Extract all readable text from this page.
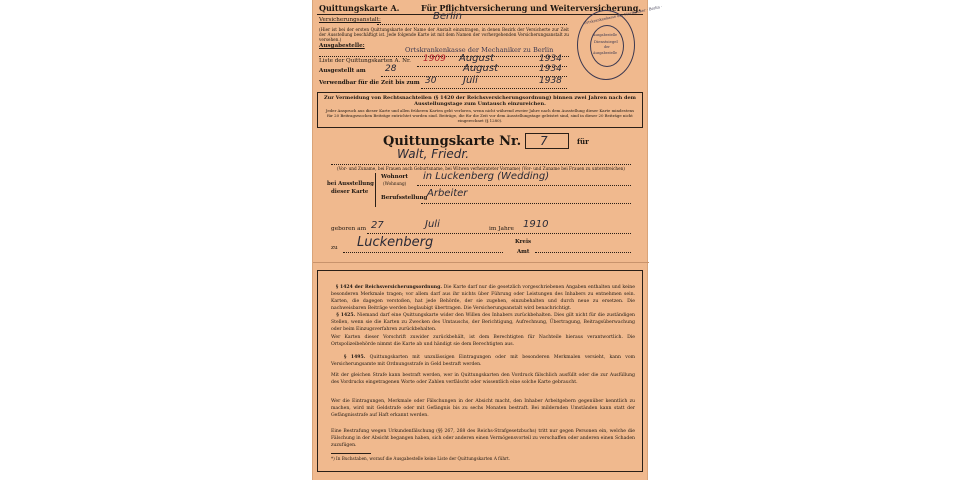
Quittungskarte A.	Für Pflichtversicherung und Weiterversicherung.
Versicherungsanstalt:	Berlin
(Hier ist bei der ersten Quittungskarte der Name der Anstalt einzutragen, in denen Bezirk der Versicherte zur Zeit der Ausstellung beschäftigt ist. Jede folgende Karte ist mit dem Namen der vorhergehenden Versicherungsanstalt zu versehen.)
Ausgabestelle:	Ortskrankenkasse der Mechaniker zu Berlin
Liste der Quittungskarten A. Nr. 1909 August	1934
Ausgestellt am 28	August	1934
Verwendbar für die Zeit bis zum 30	Juli	1938
Ortskrankenkasse der Mechaniker · Berlin ·
Ausgabestelle
Dienstsiegel
der
Ausgabestelle
Zur Vermeidung von Rechtsnachteilen (§ 1420 der Reichsversicherungsordnung) binnen zwei Jahren nach dem Ausstellungstage zum Umtausch einzureichen.
Jeder Anspruch aus dieser Karte und allen früheren Karten geht verloren, wenn nicht während zweier Jahre nach dem Ausstellung dieser Karte mindestens für 20 Beitragswochen Beiträge entrichtet worden sind. Beiträge, die für die Zeit vor dem Ausstellungstage geleistet sind, sind in dieser 20 Beiträge nicht eingerechnet (§ 1280).
Quittungskarte Nr. 7	für
Walt, Friedr.
(Vor- und Zuname, bei Frauen auch Geburtsname, bei Witwen verheirateter Vorname) (Vor- und Zuname bei Frauen zu unterstreichen)
bei Ausstellung
dieser Karte
Wohnort
(Wohnung)
in Luckenberg (Wedding)
Berufsstellung Arbeiter
geboren am 27	Juli	im Jahre 1910
zu Luckenberg	Kreis
Amt
§ 1424 der Reichsversicherungsordnung. Die Karte darf nur die gesetzlich vorgeschriebenen Angaben enthalten und keine besonderen Merkmale tragen; vor allem darf aus ihr nichts über Führung oder Leistungen des Inhabers zu entnehmen sein. Karten, die dagegen verstoßen, hat jede Behörde, der sie zugehen, einzubehalten und durch neue zu ersetzen. Die nachweisbaren Beiträge werden beglaubigt übertragen. Die Versicherungsanstalt wird benachrichtigt.
§ 1425. Niemand darf eine Quittungskarte wider den Willen des Inhabers zurückbehalten. Dies gilt nicht für die zuständigen Stellen, wenn sie die Karten zu Zwecken des Umtauschs, der Berichtigung, Aufrechnung, Übertragung, Beitragsüberwachung oder beim Einzugsverfahren zurückbehalten.
Wer Karten dieser Vorschrift zuwider zurückbehält, ist dem Berechtigten für Nachteile hieraus verantwortlich. Die Ortspolizeibehörde nimmt die Karte ab und händigt sie dem Berechtigten aus.
§ 1495. Quittungskarten mit unzulässigen Eintragungen oder mit besonderen Merkmalen versieht, kann vom Versicherungsamte mit Ordnungsstrafe in Geld bestraft werden.
Mit der gleichen Strafe kann bestraft werden, wer in Quittungskarten den Vordruck fälschlich ausfüllt oder die zur Ausfüllung des Vordrucks eingetragenen Worte oder Zahlen verfälscht oder wissentlich eine solche Karte gebraucht.
Wer die Eintragungen, Merkmale oder Fälschungen in der Absicht macht, den Inhaber Arbeitgebern gegenüber kenntlich zu machen, wird mit Geldstrafe oder mit Gefängnis bis zu sechs Monaten bestraft. Bei mildernden Umständen kann statt der Gefängnisstrafe auf Haft erkannt werden.
Eine Bestrafung wegen Urkundenfälschung (§§ 267, 268 des Reichs-Strafgesetzbuchs) tritt nur gegen Personen ein, welche die Fälschung in der Absicht begangen haben, sich oder anderen einen Vermögensvorteil zu verschaffen oder anderen einen Schaden zuzufügen.
*) In Buchstaben, worauf die Ausgabestelle keine Liste der Quittungskarten A führt.
